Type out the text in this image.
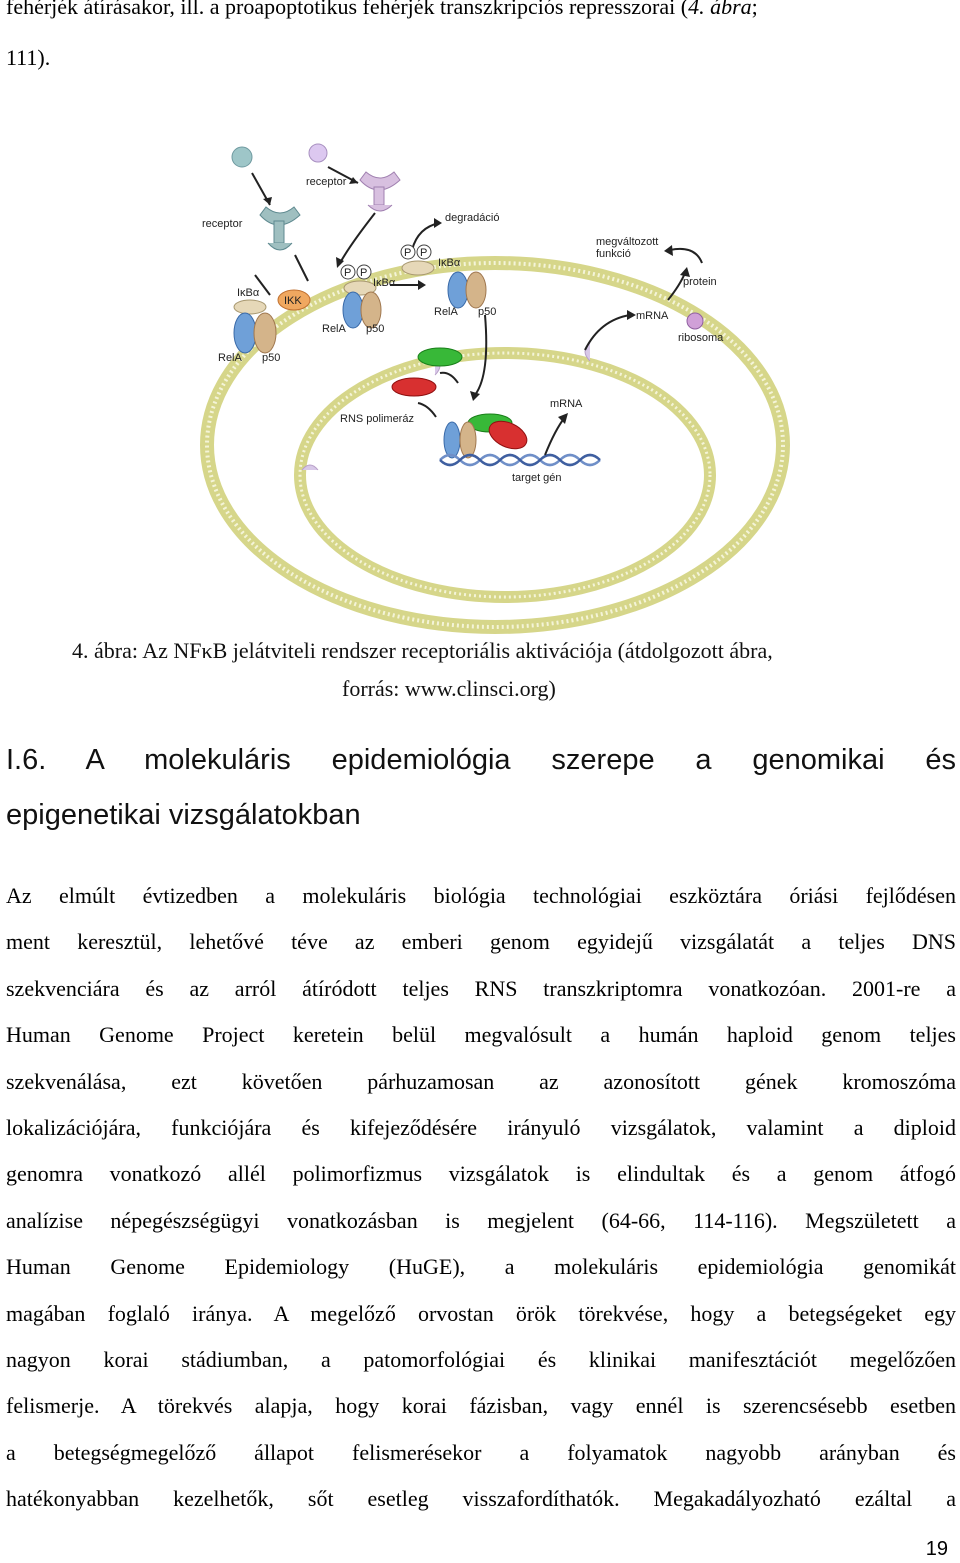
fehérjék átírásakor, ill. a proapoptotikus fehérjék transzkripciós represszorai (4. ábra;
111).
receptor
receptor	degradáció
IκBα
RelA p50
IKK
P P
IκBα
RelA p50
P P
IκBα
RelA p50
RNS polimeráz
target gén
mRNA
mRNA
protein
ribosoma
megváltozott
funkció
4. ábra: Az NFκB jelátviteli rendszer receptoriális aktivációja (átdolgozott ábra,
forrás: www.clinsci.org)
I.6. A molekuláris epidemiológia szerepe a genomikai és
epigenetikai vizsgálatokban
Az elmúlt évtizedben a molekuláris biológia technológiai eszköztára óriási fejlődésen
ment keresztül, lehetővé téve az emberi genom egyidejű vizsgálatát a teljes DNS
szekvenciára és az arról átíródott teljes RNS transzkriptomra vonatkozóan. 2001-re a
Human Genome Project keretein belül megvalósult a humán haploid genom teljes
szekvenálása, ezt követően párhuzamosan az azonosított gének kromoszóma
lokalizációjára, funkciójára és kifejeződésére irányuló vizsgálatok, valamint a diploid
genomra vonatkozó allél polimorfizmus vizsgálatok is elindultak és a genom átfogó
analízise népegészségügyi vonatkozásban is megjelent (64-66, 114-116). Megszületett a
Human Genome Epidemiology (HuGE), a molekuláris epidemiológia genomikát
magában foglaló iránya. A megelőző orvostan örök törekvése, hogy a betegségeket egy
nagyon korai stádiumban, a patomorfológiai és klinikai manifesztációt megelőzően
felismerje. A törekvés alapja, hogy korai fázisban, vagy ennél is szerencsésebb esetben
a betegségmegelőző állapot felismerésekor a folyamatok nagyobb arányban és
hatékonyabban kezelhetők, sőt esetleg visszafordíthatók. Megakadályozható ezáltal a
19
